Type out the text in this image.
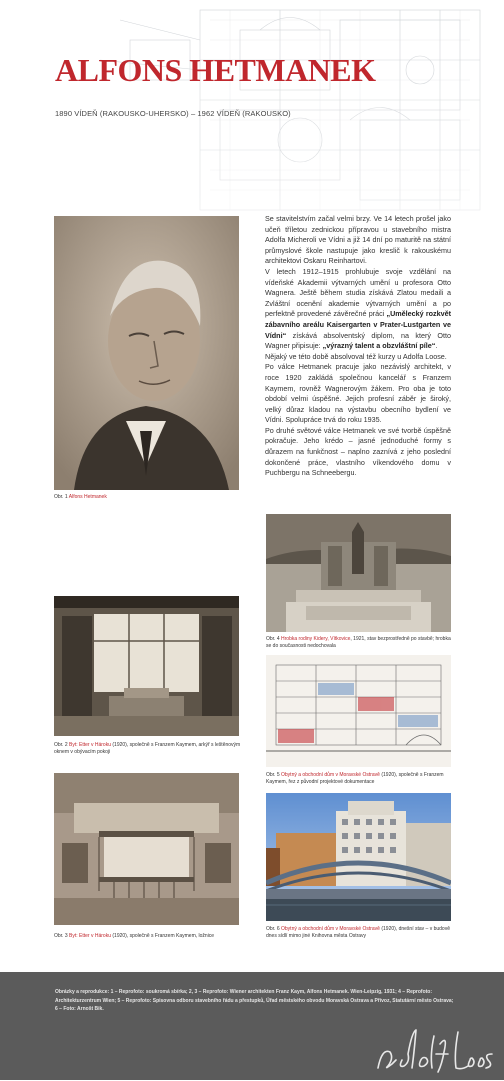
ALFONS HETMANEK

1890 VÍDEŇ (RAKOUSKO-UHERSKO) – 1962 VÍDEŇ (RAKOUSKO)

Obr. 1 Alfons Hetmanek

Se stavitelstvím začal velmi brzy. Ve 14 letech prošel jako učeň tříletou zednickou přípravou u stavebního mistra Adolfa Micheroli ve Vídni a již 14 dní po maturitě na státní průmyslové škole nastupuje jako kreslič k rakouskému architektovi Oskaru Reinhartovi.

V letech 1912–1915 prohlubuje svoje vzdělání na vídeňské Akademii výtvarných umění u profesora Otto Wagnera. Ještě během studia získává Zlatou medaili a Zvláštní ocenění akademie výtvarných umění a po perfektně provedené závěrečné práci „Umělecký rozkvět zábavního areálu Kaisergarten v Prater-Lustgarten ve Vídni“ získává absolventský diplom, na který Otto Wagner připisuje: „výrazný talent a obzvláštní píle“.

Nějaký ve této době absolvoval též kurzy u Adolfa Loose.

Po válce Hetmanek pracuje jako nezávislý architekt, v roce 1920 zakládá společnou kancelář s Franzem Kaymem, rovněž Wagnerovým žákem. Pro oba je toto období velmi úspěšné. Jejich profesní záběr je široký, velký důraz kladou na výstavbu obecního bydlení ve Vídni. Spolupráce trvá do roku 1935.

Po druhé světové válce Hetmanek ve své tvorbě úspěšně pokračuje. Jeho krédo – jasné jednoduché formy s důrazem na funkčnost – naplno zaznívá z jeho poslední dokončené práce, vlastního víkendového domu v Puchbergu na Schneebergu.

Obr. 4 Hrobka rodiny Kidery, Vítkovice, 1921, stav bezprostředně po stavbě; hrobka se do současnosti nedochovala
Obr. 2 Byt: Etter v Hároku (1920), společně s Franzem Kaymem, arkýř s leštěnovým oknem v obývacím pokoji
Obr. 5 Obytný a obchodní dům v Moravské Ostravě (1920), společně s Franzem Kaymem, řez z původní projektové dokumentace
Obr. 6 Obytný a obchodní dům v Moravské Ostravě (1920), dnešní stav – v budově dnes sídlí mimo jiné Knihovna města Ostravy
Obr. 3 Byt: Etter v Hároku (1920), společně s Franzem Kaymem, ložnice
Obrázky a reprodukce: 1 – Reprofoto: soukromá sbírka; 2, 3 – Reprofoto: Wiener architekten Franz Kaym, Alfons Hetmanek. Wien-Leipzig, 1931; 4 – Reprofoto: Architekturzentrum Wien; 5 – Reprofoto: Spisovna odboru stavebního řádu a přestupků, Úřad městského obvodu Moravská Ostrava a Přívoz, Statutární město Ostrava; 6 – Foto: Arnošt Bik.
